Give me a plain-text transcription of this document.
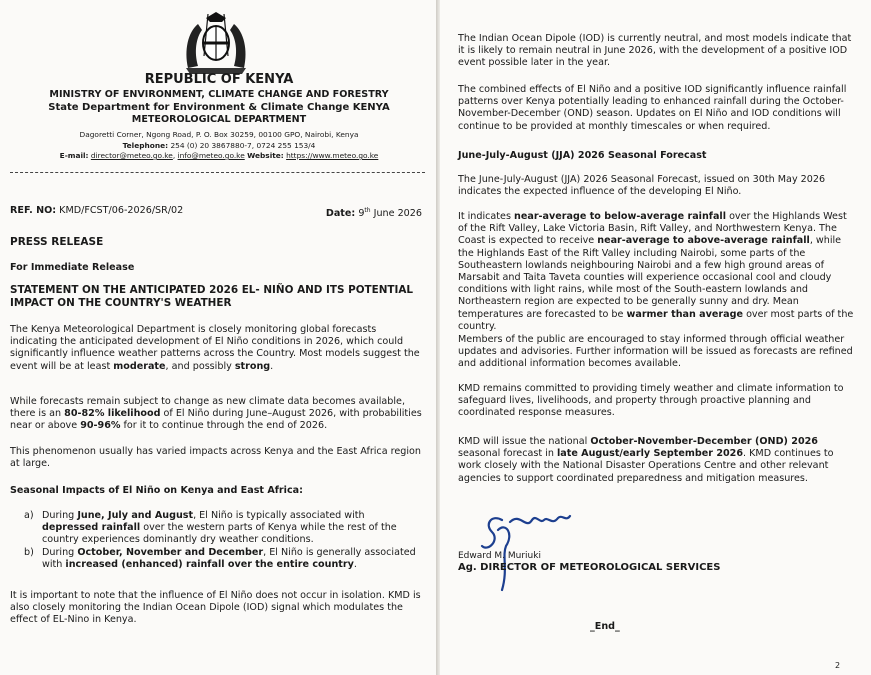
REPUBLIC OF KENYA
MINISTRY OF ENVIRONMENT, CLIMATE CHANGE AND FORESTRY
State Department for Environment & Climate Change KENYA
METEOROLOGICAL DEPARTMENT
Dagoretti Corner, Ngong Road, P. O. Box 30259, 00100 GPO, Nairobi, Kenya
Telephone: 254 (0) 20 3867880-7, 0724 255 153/4
E-mail: director@meteo.go.ke, info@meteo.go.ke Website: https://www.meteo.go.ke
REF. NO: KMD/FCST/06-2026/SR/02	Date: 9th June 2026
PRESS RELEASE
For Immediate Release
STATEMENT ON THE ANTICIPATED 2026 EL- NIÑO AND ITS POTENTIAL IMPACT ON THE COUNTRY'S WEATHER
The Kenya Meteorological Department is closely monitoring global forecasts indicating the anticipated development of El Niño conditions in 2026, which could significantly influence weather patterns across the Country. Most models suggest the event will be at least moderate, and possibly strong.
While forecasts remain subject to change as new climate data becomes available, there is an 80-82% likelihood of El Niño during June–August 2026, with probabilities near or above 90-96% for it to continue through the end of 2026.
This phenomenon usually has varied impacts across Kenya and the East Africa region at large.
Seasonal Impacts of El Niño on Kenya and East Africa:
a) During June, July and August, El Niño is typically associated with depressed rainfall over the western parts of Kenya while the rest of the country experiences dominantly dry weather conditions.
b) During October, November and December, El Niño is generally associated with increased (enhanced) rainfall over the entire country.
It is important to note that the influence of El Niño does not occur in isolation. KMD is also closely monitoring the Indian Ocean Dipole (IOD) signal which modulates the effect of EL-Nino in Kenya.
The Indian Ocean Dipole (IOD) is currently neutral, and most models indicate that it is likely to remain neutral in June 2026, with the development of a positive IOD event possible later in the year.
The combined effects of El Niño and a positive IOD significantly influence rainfall patterns over Kenya potentially leading to enhanced rainfall during the October-November-December (OND) season. Updates on El Niño and IOD conditions will continue to be provided at monthly timescales or when required.
June-July-August (JJA) 2026 Seasonal Forecast
The June-July-August (JJA) 2026 Seasonal Forecast, issued on 30th May 2026 indicates the expected influence of the developing El Niño.
It indicates near-average to below-average rainfall over the Highlands West of the Rift Valley, Lake Victoria Basin, Rift Valley, and Northwestern Kenya. The Coast is expected to receive near-average to above-average rainfall, while the Highlands East of the Rift Valley including Nairobi, some parts of the Southeastern lowlands neighbouring Nairobi and a few high ground areas of Marsabit and Taita Taveta counties will experience occasional cool and cloudy conditions with light rains, while most of the South-eastern lowlands and Northeastern region are expected to be generally sunny and dry. Mean temperatures are forecasted to be warmer than average over most parts of the country.
Members of the public are encouraged to stay informed through official weather updates and advisories. Further information will be issued as forecasts are refined and additional information becomes available.
KMD remains committed to providing timely weather and climate information to safeguard lives, livelihoods, and property through proactive planning and coordinated response measures.
KMD will issue the national October-November-December (OND) 2026 seasonal forecast in late August/early September 2026. KMD continues to work closely with the National Disaster Operations Centre and other relevant agencies to support coordinated preparedness and mitigation measures.
Edward M. Muriuki
Ag. DIRECTOR OF METEOROLOGICAL SERVICES
_End_
2
